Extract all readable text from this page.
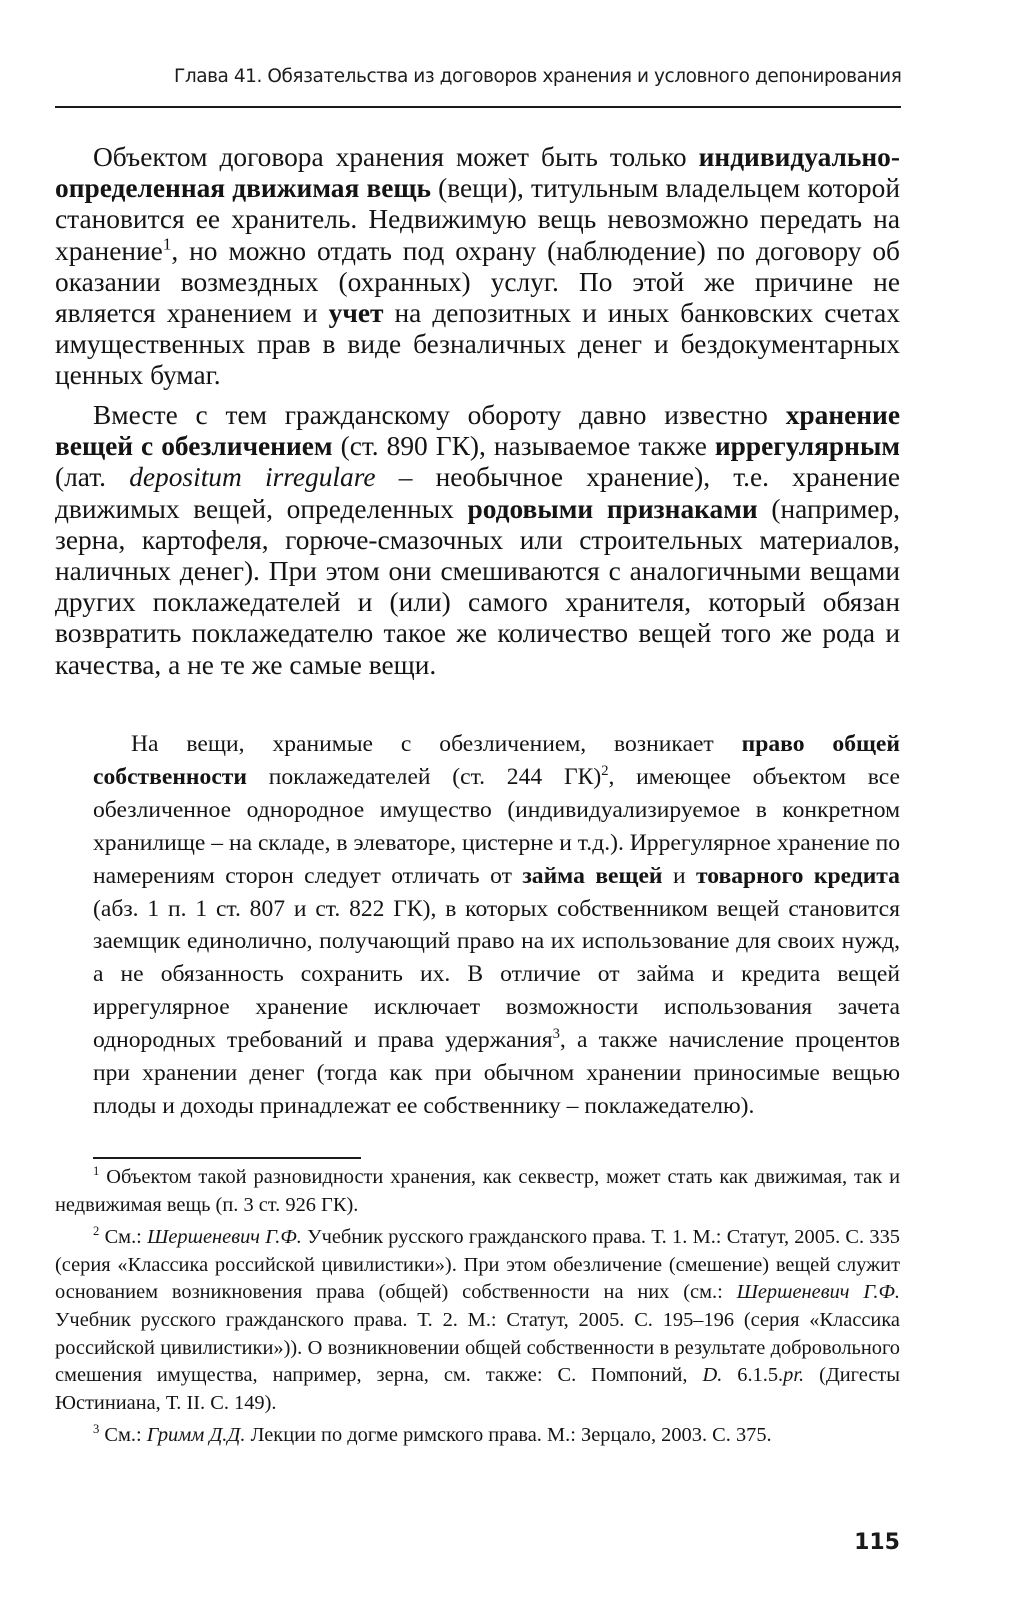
Глава 41. Обязательства из договоров хранения и условного депонирования

Объектом договора хранения может быть только индивидуально-определенная движимая вещь (вещи), титульным владельцем которой становится ее хранитель. Недвижимую вещь невозможно передать на хранение$^1$, но можно отдать под охрану (наблюдение) по договору об оказании возмездных (охранных) услуг. По этой же причине не является хранением и учет на депозитных и иных банковских счетах имущественных прав в виде безналичных денег и бездокументарных ценных бумаг.

Вместе с тем гражданскому обороту давно известно хранение вещей с обезличением (ст. 890 ГК), называемое также иррегулярным (лат. depositum irregulare – необычное хранение), т.е. хранение движимых вещей, определенных родовыми признаками (например, зерна, картофеля, горюче-смазочных или строительных материалов, наличных денег). При этом они смешиваются с аналогичными вещами других поклажедателей и (или) самого хранителя, который обязан возвратить поклажедателю такое же количество вещей того же рода и качества, а не те же самые вещи.

На вещи, хранимые с обезличением, возникает право общей собственности поклажедателей (ст. 244 ГК)$^2$, имеющее объектом все обезличенное однородное имущество (индивидуализируемое в конкретном хранилище – на складе, в элеваторе, цистерне и т.д.). Иррегулярное хранение по намерениям сторон следует отличать от займа вещей и товарного кредита (абз. 1 п. 1 ст. 807 и ст. 822 ГК), в которых собственником вещей становится заемщик единолично, получающий право на их использование для своих нужд, а не обязанность сохранить их. В отличие от займа и кредита вещей иррегулярное хранение исключает возможности использования зачета однородных требований и права удержания$^3$, а также начисление процентов при хранении денег (тогда как при обычном хранении приносимые вещью плоды и доходы принадлежат ее собственнику – поклажедателю).

$^1$ Объектом такой разновидности хранения, как секвестр, может стать как движимая, так и недвижимая вещь (п. 3 ст. 926 ГК).

$^2$ См.: Шершеневич Г.Ф. Учебник русского гражданского права. Т. 1. М.: Статут, 2005. С. 335 (серия «Классика российской цивилистики»). При этом обезличение (смешение) вещей служит основанием возникновения права (общей) собственности на них (см.: Шершеневич Г.Ф. Учебник русского гражданского права. Т. 2. М.: Статут, 2005. С. 195–196 (серия «Классика российской цивилистики»)). О возникновении общей собственности в результате добровольного смешения имущества, например, зерна, см. также: С. Помпоний, D. 6.1.5.pr. (Дигесты Юстиниана, Т. II. С. 149).

$^3$ См.: Гримм Д.Д. Лекции по догме римского права. М.: Зерцало, 2003. С. 375.

115
